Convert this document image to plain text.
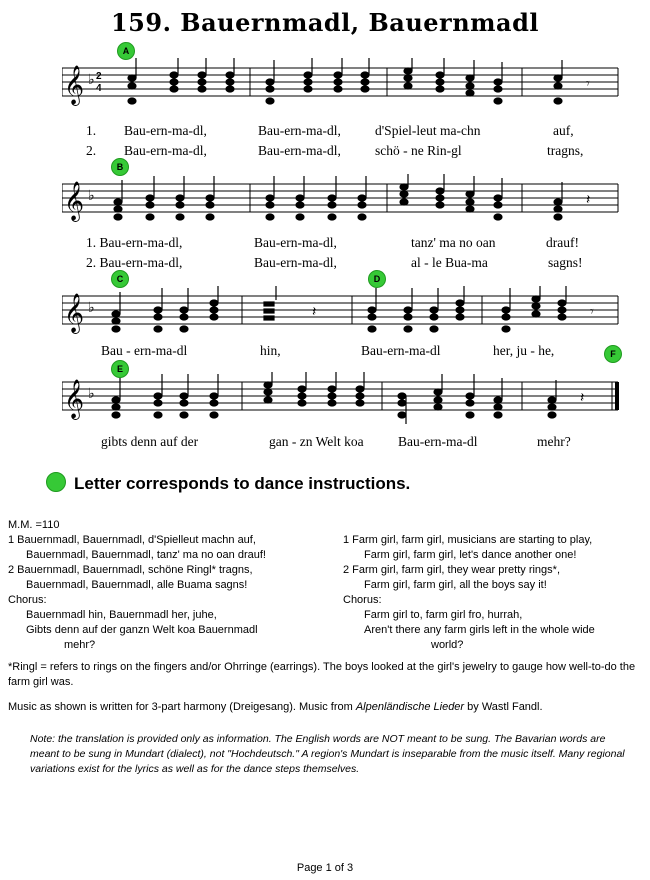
159. Bauernmadl, Bauernmadl
𝄞 ♭ 2
4	𝄾
A
1. Bau-ern-ma-dl,	Bau-ern-ma-dl,	d'Spiel-leut ma-chn	auf,
2. Bau-ern-ma-dl,	Bau-ern-ma-dl,	schö - ne Rin-gl	tragns,
𝄞 ♭	𝄽
B
1. Bau-ern-ma-dl,	Bau-ern-ma-dl,	tanz' ma no oan	drauf!
2. Bau-ern-ma-dl,	Bau-ern-ma-dl,	al - le Bua-ma	sagns!
𝄞 ♭	𝄽	𝄾
C	D
Bau - ern-ma-dl	hin,	Bau-ern-ma-dl	her, ju - he,	F
𝄞 ♭	𝄽
E
gibts denn auf der	gan - zn Welt koa	Bau-ern-ma-dl	mehr?
Letter corresponds to dance instructions.
M.M. =110
1 Bauernmadl, Bauernmadl, d'Spielleut machn auf,
Bauernmadl, Bauernmadl, tanz' ma no oan drauf!
2 Bauernmadl, Bauernmadl, schöne Ringl* tragns,
Bauernmadl, Bauernmadl, alle Buama sagns!
Chorus:
Bauernmadl hin, Bauernmadl her, juhe,
Gibts denn auf der ganzn Welt koa Bauernmadl
mehr?
1 Farm girl, farm girl, musicians are starting to play,
Farm girl, farm girl, let's dance another one!
2 Farm girl, farm girl, they wear pretty rings*,
Farm girl, farm girl, all the boys say it!
Chorus:
Farm girl to, farm girl fro, hurrah,
Aren't there any farm girls left in the whole wide
world?
*Ringl = refers to rings on the fingers and/or Ohrringe (earrings). The boys looked at the girl's jewelry to gauge how well-to-do the farm girl was.
Music as shown is written for 3-part harmony (Dreigesang). Music from Alpenländische Lieder by Wastl Fandl.
Note: the translation is provided only as information. The English words are NOT meant to be sung. The Bavarian words are meant to be sung in Mundart (dialect), not "Hochdeutsch." A region's Mundart is inseparable from the music itself. Many regional variations exist for the lyrics as well as for the dance steps themselves.
Page 1 of 3
